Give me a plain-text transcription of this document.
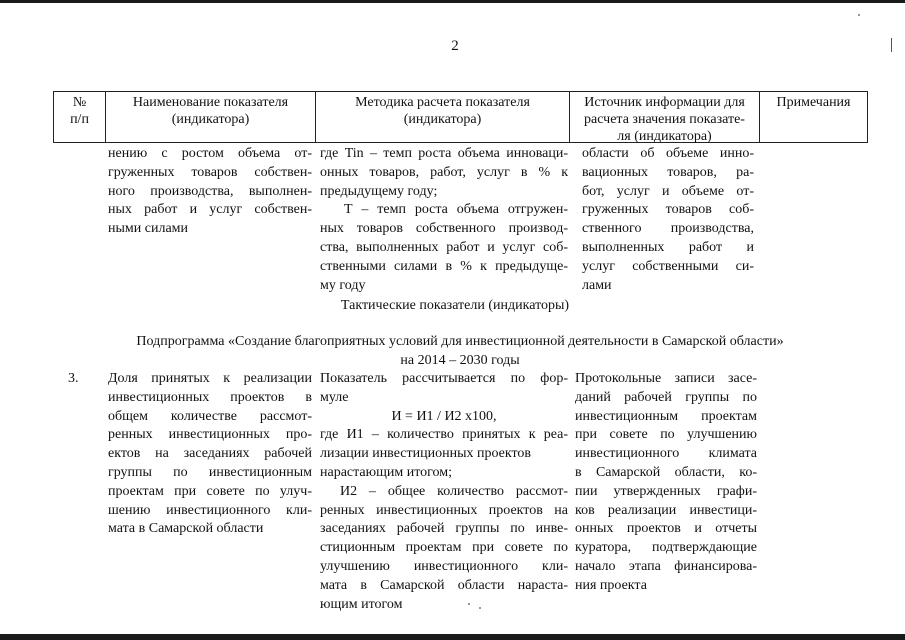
2
№
п/п
Наименование показателя
(индикатора)
Методика расчета показателя
(индикатора)
Источник информации для
расчета значения показате-
ля (индикатора)
Примечания
нению с ростом объема от-
груженных товаров собствен-
ного производства, выполнен-
ных работ и услуг собствен-
ными силами
где Tin – темп роста объема инноваци-
онных товаров, работ, услуг в % к
предыдущему году;
Т – темп роста объема отгружен-
ных товаров собственного производ-
ства, выполненных работ и услуг соб-
ственными силами в % к предыдуще-
му году
области об объеме инно-
вационных товаров, ра-
бот, услуг и объеме от-
груженных товаров соб-
ственного производства,
выполненных работ и
услуг собственными си-
лами
Тактические показатели (индикаторы)
Подпрограмма «Создание благоприятных условий для инвестиционной деятельности в Самарской области»
на 2014 – 2030 годы
3.	Доля принятых к реализации
инвестиционных проектов в
общем количестве рассмот-
ренных инвестиционных про-
ектов на заседаниях рабочей
группы по инвестиционным
проектам при совете по улуч-
шению инвестиционного кли-
мата в Самарской области
Показатель рассчитывается по фор-
муле
И = И1 / И2 x100,
где И1 – количество принятых к реа-
лизации инвестиционных проектов
нарастающим итогом;
И2 – общее количество рассмот-
ренных инвестиционных проектов на
заседаниях рабочей группы по инве-
стиционным проектам при совете по
улучшению инвестиционного кли-
мата в Самарской области нараста-
ющим итогом
Протокольные записи засе-
даний рабочей группы по
инвестиционным проектам
при совете по улучшению
инвестиционного климата
в Самарской области, ко-
пии утвержденных графи-
ков реализации инвестици-
онных проектов и отчеты
куратора, подтверждающие
начало этапа финансирова-
ния проекта
